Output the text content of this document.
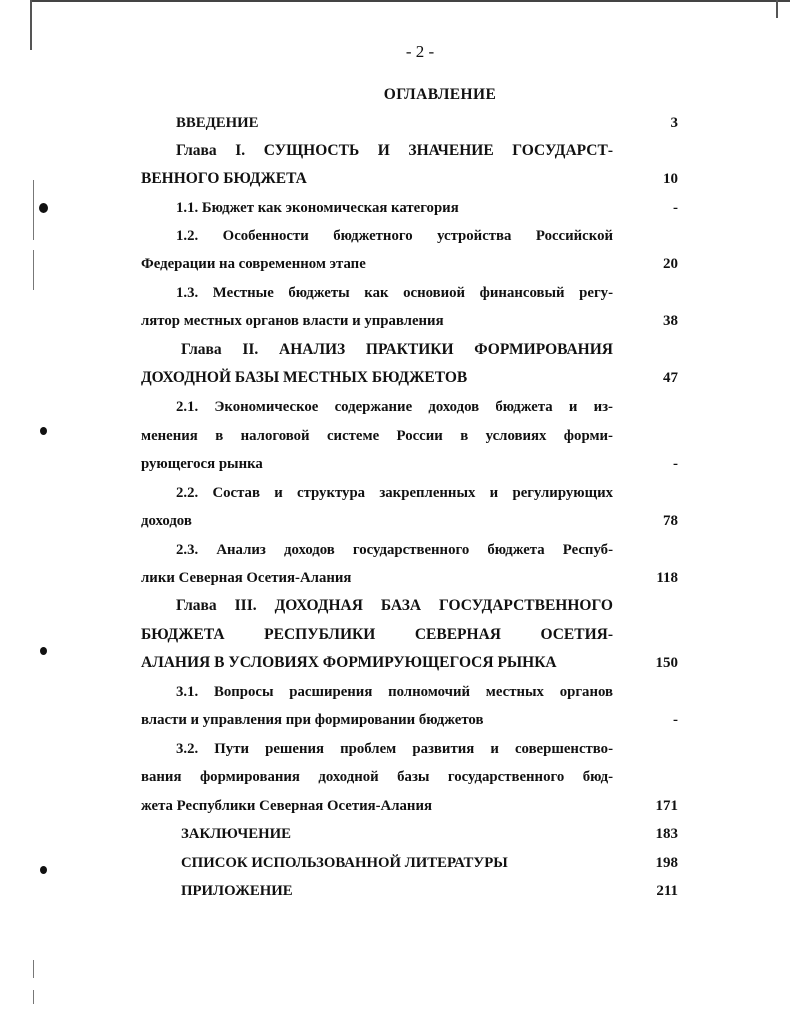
- 2 -
ОГЛАВЛЕНИЕ
ВВЕДЕНИЕ	3
Глава I. СУЩНОСТЬ И ЗНАЧЕНИЕ ГОСУДАРСТ-
ВЕННОГО БЮДЖЕТА	10
1.1. Бюджет как экономическая категория	-
1.2. Особенности бюджетного устройства Российской
Федерации на современном этапе	20
1.3. Местные бюджеты как основиой финансовый регу-
лятор местных органов власти и управления	38
Глава II. АНАЛИЗ ПРАКТИКИ ФОРМИРОВАНИЯ
ДОХОДНОЙ БАЗЫ МЕСТНЫХ БЮДЖЕТОВ	47
2.1. Экономическое содержание доходов бюджета и из-
менения в налоговой системе России в условиях форми-
рующегося рынка	-
2.2. Состав и структура закрепленных и регулирующих
доходов	78
2.3. Анализ доходов государственного бюджета Респуб-
лики Северная Осетия-Алания	118
Глава III. ДОХОДНАЯ БАЗА ГОСУДАРСТВЕННОГО
БЮДЖЕТА РЕСПУБЛИКИ СЕВЕРНАЯ ОСЕТИЯ-
АЛАНИЯ В УСЛОВИЯХ ФОРМИРУЮЩЕГОСЯ РЫНКА	150
3.1. Вопросы расширения полномочий местных органов
власти и управления при формировании бюджетов	-
3.2. Пути решения проблем развития и совершенство-
вания формирования доходной базы государственного бюд-
жета Республики Северная Осетия-Алания	171
ЗАКЛЮЧЕНИЕ	183
СПИСОК ИСПОЛЬЗОВАННОЙ ЛИТЕРАТУРЫ	198
ПРИЛОЖЕНИЕ	211
